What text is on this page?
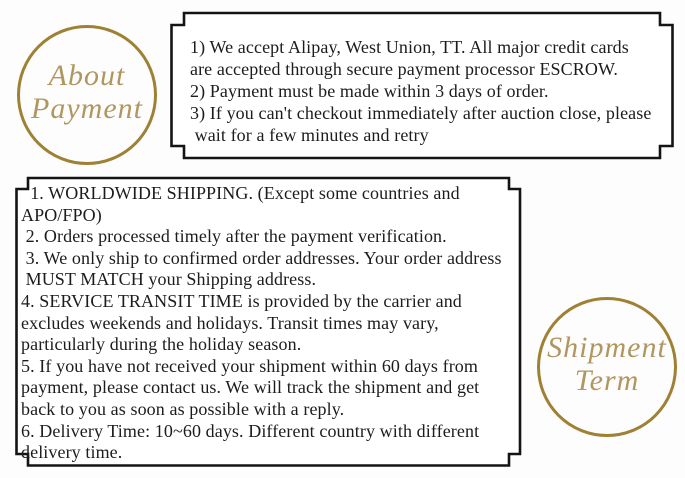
About
Payment
1) We accept Alipay, West Union, TT. All major credit cards
are accepted through secure payment processor ESCROW.
2) Payment must be made within 3 days of order.
3) If you can't checkout immediately after auction close, please
wait for a few minutes and retry
1. WORLDWIDE SHIPPING. (Except some countries and
APO/FPO)
2. Orders processed timely after the payment verification.
3. We only ship to confirmed order addresses. Your order address
MUST MATCH your Shipping address.
4. SERVICE TRANSIT TIME is provided by the carrier and
excludes weekends and holidays. Transit times may vary,
particularly during the holiday season.
5. If you have not received your shipment within 60 days from
payment, please contact us. We will track the shipment and get
back to you as soon as possible with a reply.
6. Delivery Time: 10~60 days. Different country with different
delivery time.
Shipment
Term
